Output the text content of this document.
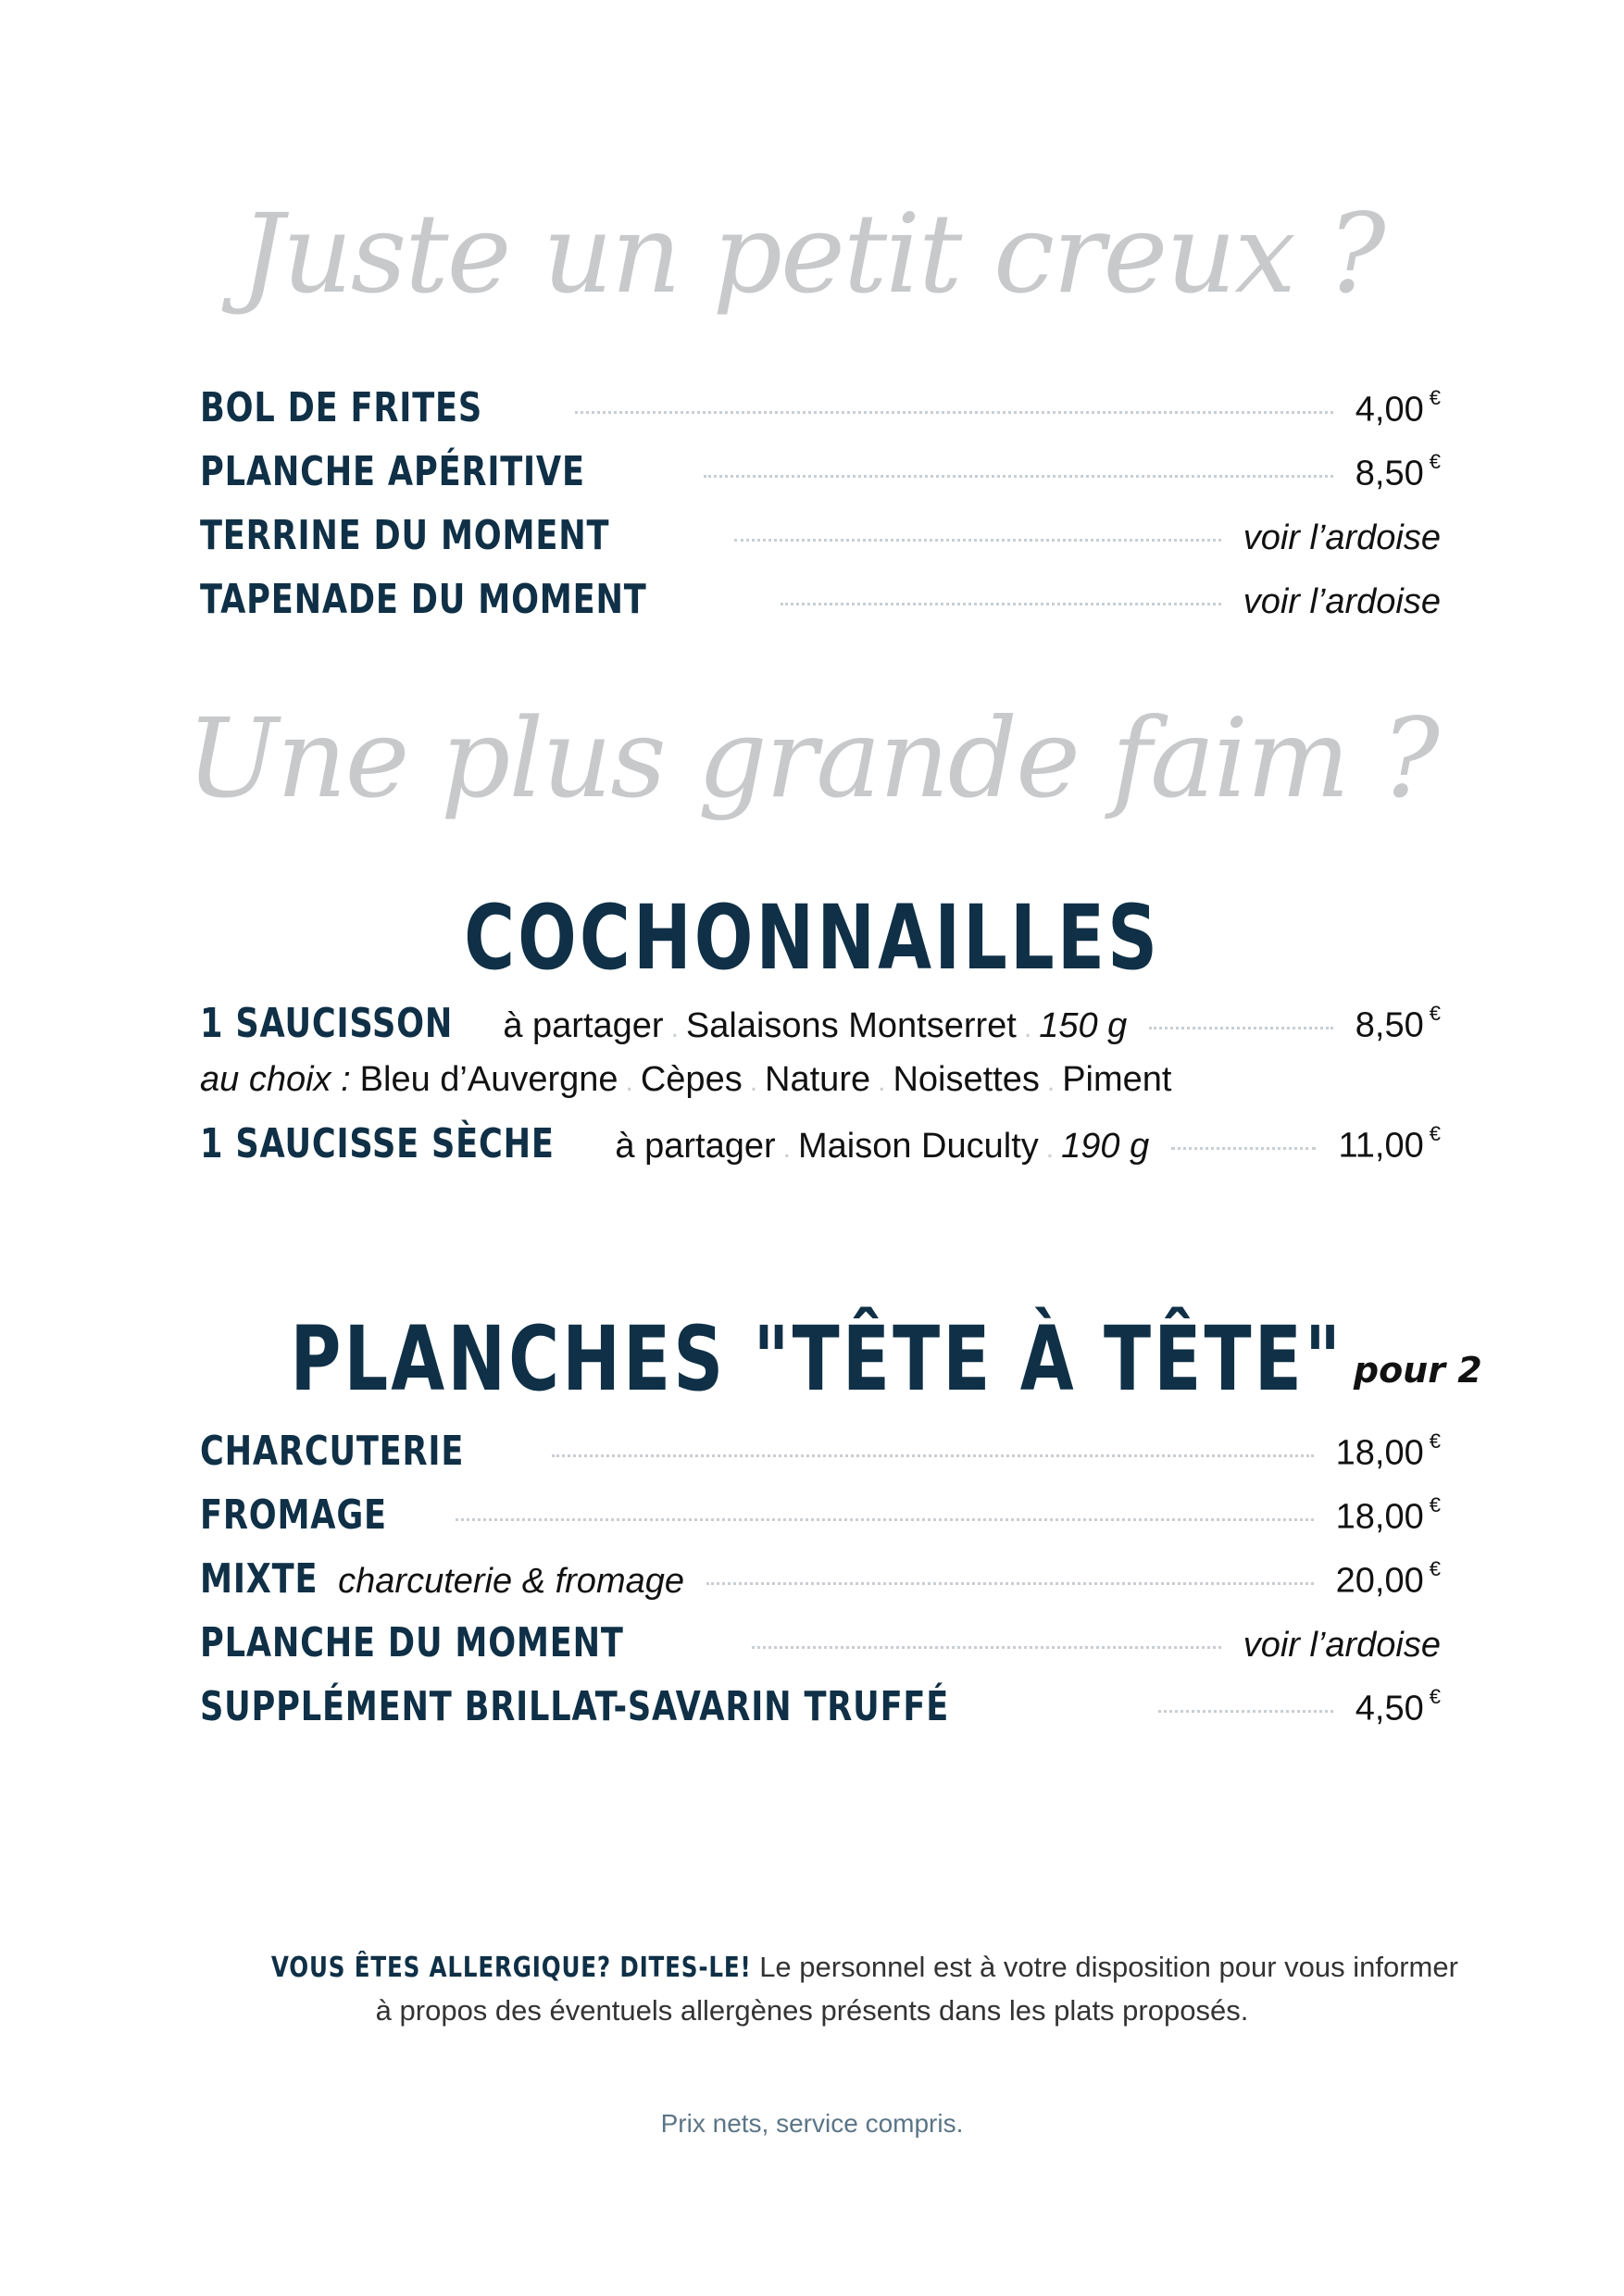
Juste un petit creux ?
BOL DE FRITES	4,00 €
PLANCHE APÉRITIVE	8,50 €
TERRINE DU MOMENT	voir l’ardoise
TAPENADE DU MOMENT	voir l’ardoise
Une plus grande faim ?
COCHONNAILLES
1 SAUCISSON à partager . Salaisons Montserret . 150 g	8,50 €
au choix : Bleu d’Auvergne . Cèpes . Nature . Noisettes . Piment
1 SAUCISSE SÈCHE à partager . Maison Duculty . 190 g	11,00 €
PLANCHES "TÊTE À TÊTE" pour 2
CHARCUTERIE	18,00 €
FROMAGE	18,00 €
MIXTE charcuterie & fromage	20,00 €
PLANCHE DU MOMENT	voir l’ardoise
SUPPLÉMENT BRILLAT-SAVARIN TRUFFÉ	4,50 €
VOUS ÊTES ALLERGIQUE? DITES-LE! Le personnel est à votre disposition pour vous informer
à propos des éventuels allergènes présents dans les plats proposés.
Prix nets, service compris.
